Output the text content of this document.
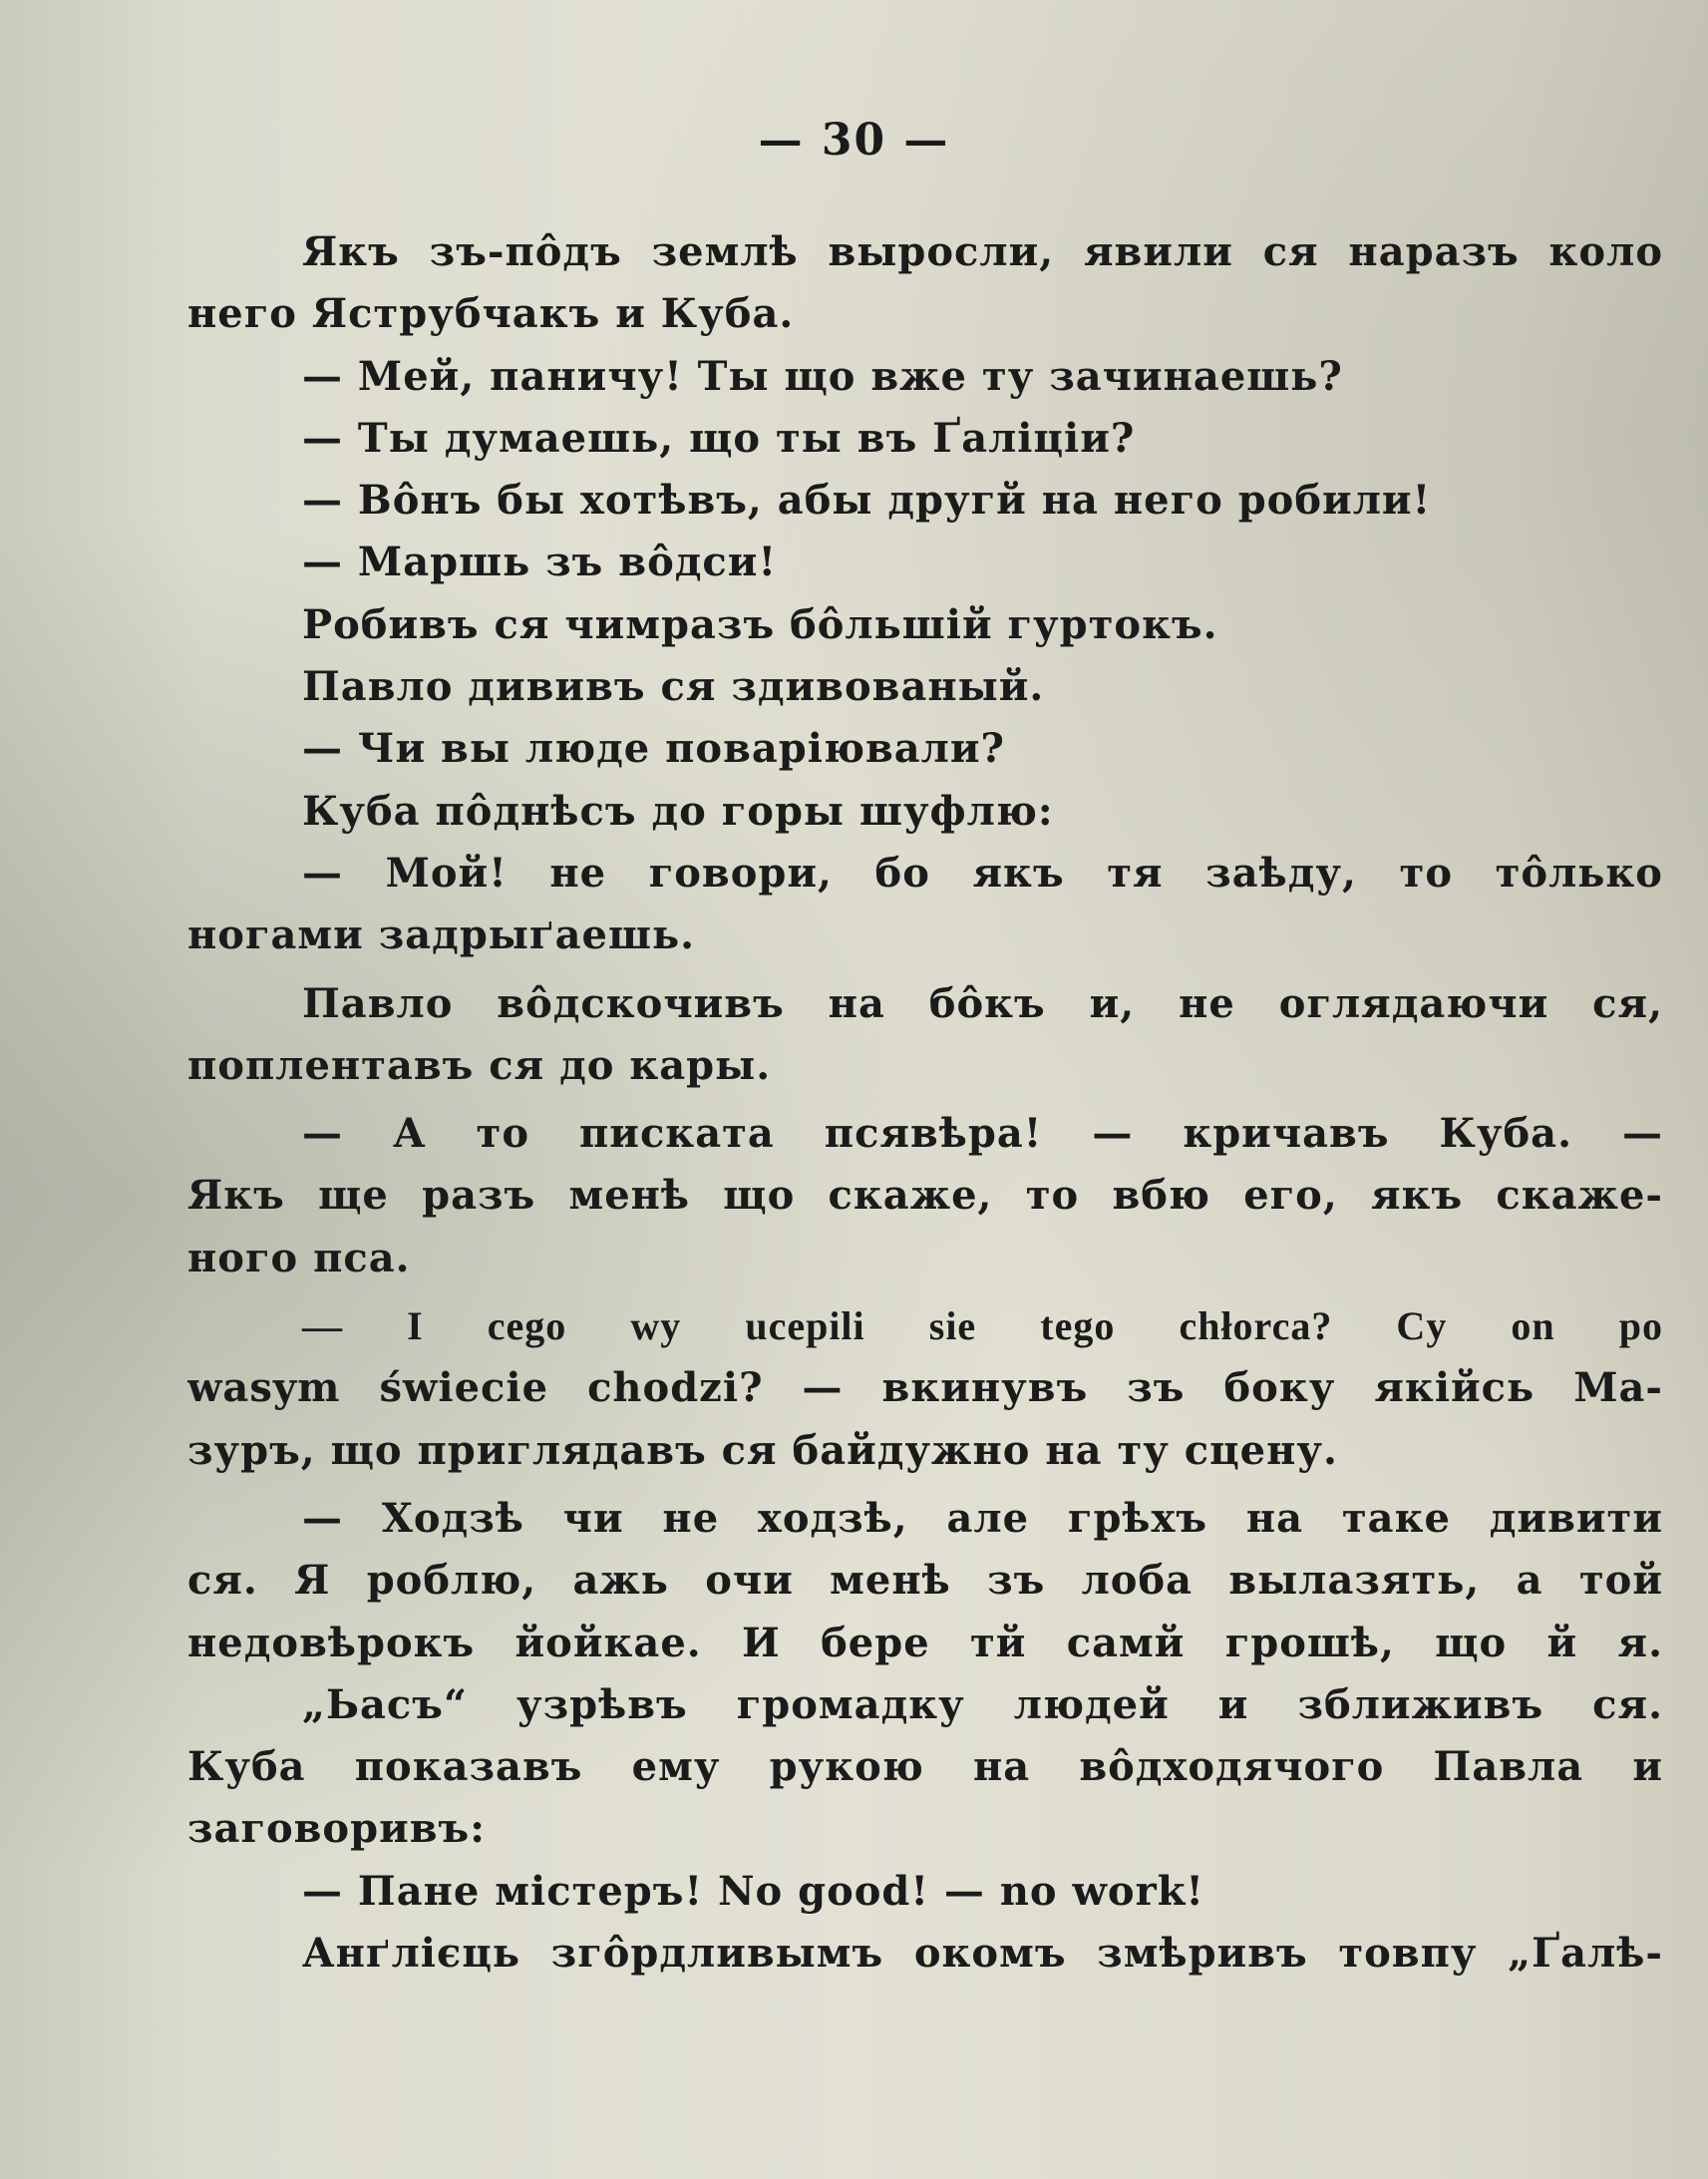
— 30 —
Якъ зъ-пôдъ землѣ выросли, явили ся наразъ коло
него Яструбчакъ и Куба.
— Мей, паничу! Ты що вже ту зачинаешь?
— Ты думаешь, що ты въ Ґаліціи?
— Вôнъ бы хотѣвъ, абы другй на него робили!
— Маршь зъ вôдси!
Робивъ ся чимразъ бôльшій гуртокъ.
Павло дививъ ся здивованый.
— Чи вы люде поваріювали?
Куба пôднѣсъ до горы шуфлю:
— Мой! не говори, бо якъ тя заѣду, то тôлько
ногами задрыґаешь.
Павло вôдскочивъ на бôкъ и, не оглядаючи ся,
поплентавъ ся до кары.
— А то писката псявѣра! — кричавъ Куба. —
Якъ ще разъ менѣ що скаже, то вбю его, якъ скаже-
ного пса.
— I cego wy ucepili sie tego chłorca? Cy on po
wasym świecie chodzi? — вкинувъ зъ боку якійсь Ма-
зуръ, що приглядавъ ся байдужно на ту сцену.
— Ходзѣ чи не ходзѣ, але грѣхъ на таке дивити
ся. Я роблю, ажь очи менѣ зъ лоба вылазять, а той
недовѣрокъ йойкае. И бере тй самй грошѣ, що й я.
„Ьасъ“ узрѣвъ громадку людей и зближивъ ся.
Куба показавъ ему рукою на вôдходячого Павла и
заговоривъ:
— Пане містеръ! No good! — no work!
Анґлієць згôрдливымъ окомъ змѣривъ товпу „Ґалѣ-
